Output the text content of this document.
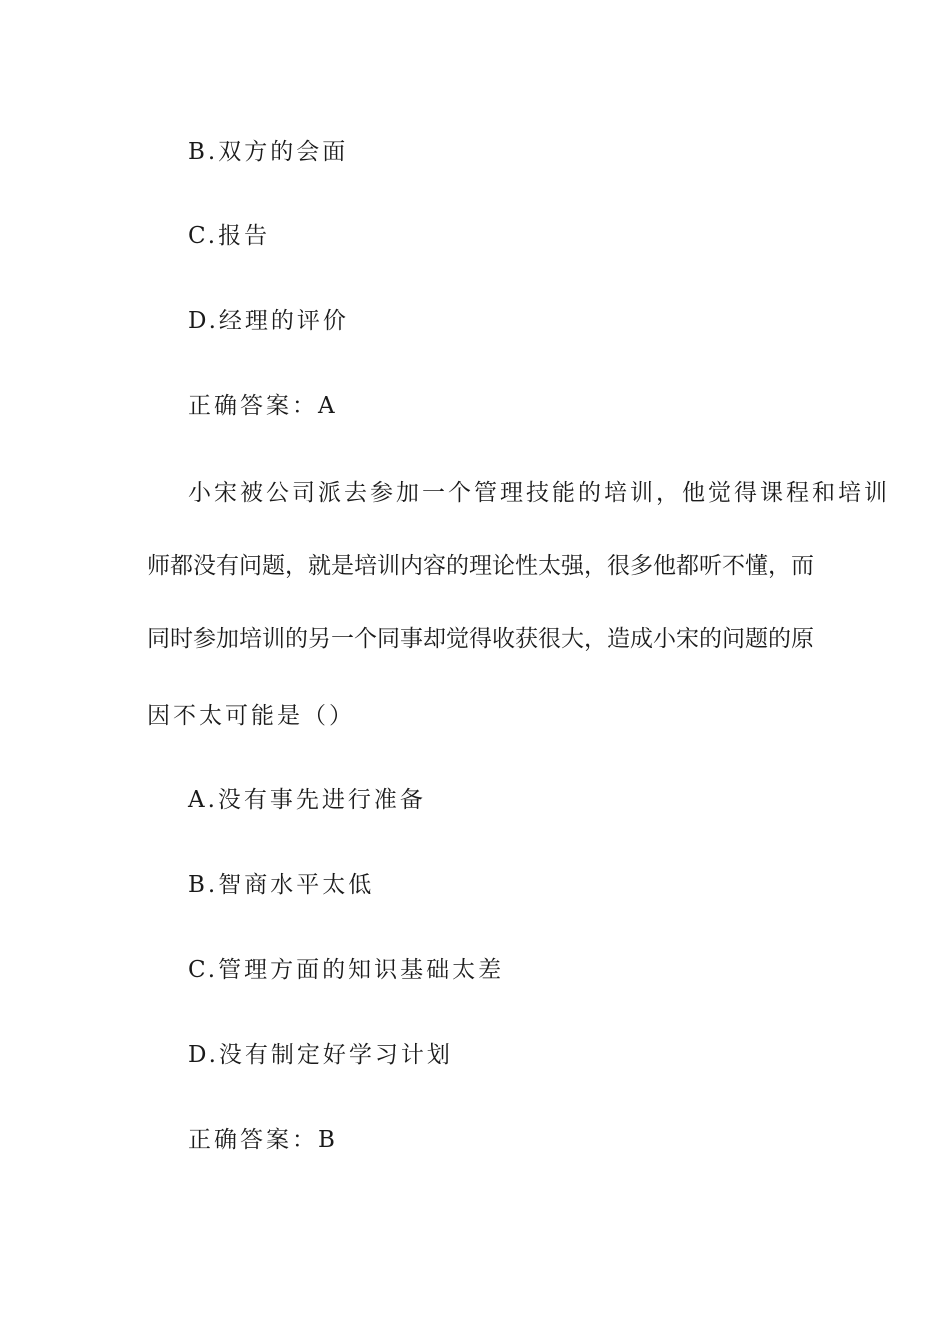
B.双方的会面
C.报告
D.经理的评价
正确答案：A
小宋被公司派去参加一个管理技能的培训，他觉得课程和培训
师都没有问题，就是培训内容的理论性太强，很多他都听不懂，而
同时参加培训的另一个同事却觉得收获很大，造成小宋的问题的原
因不太可能是（）
A.没有事先进行准备
B.智商水平太低
C.管理方面的知识基础太差
D.没有制定好学习计划
正确答案：B
